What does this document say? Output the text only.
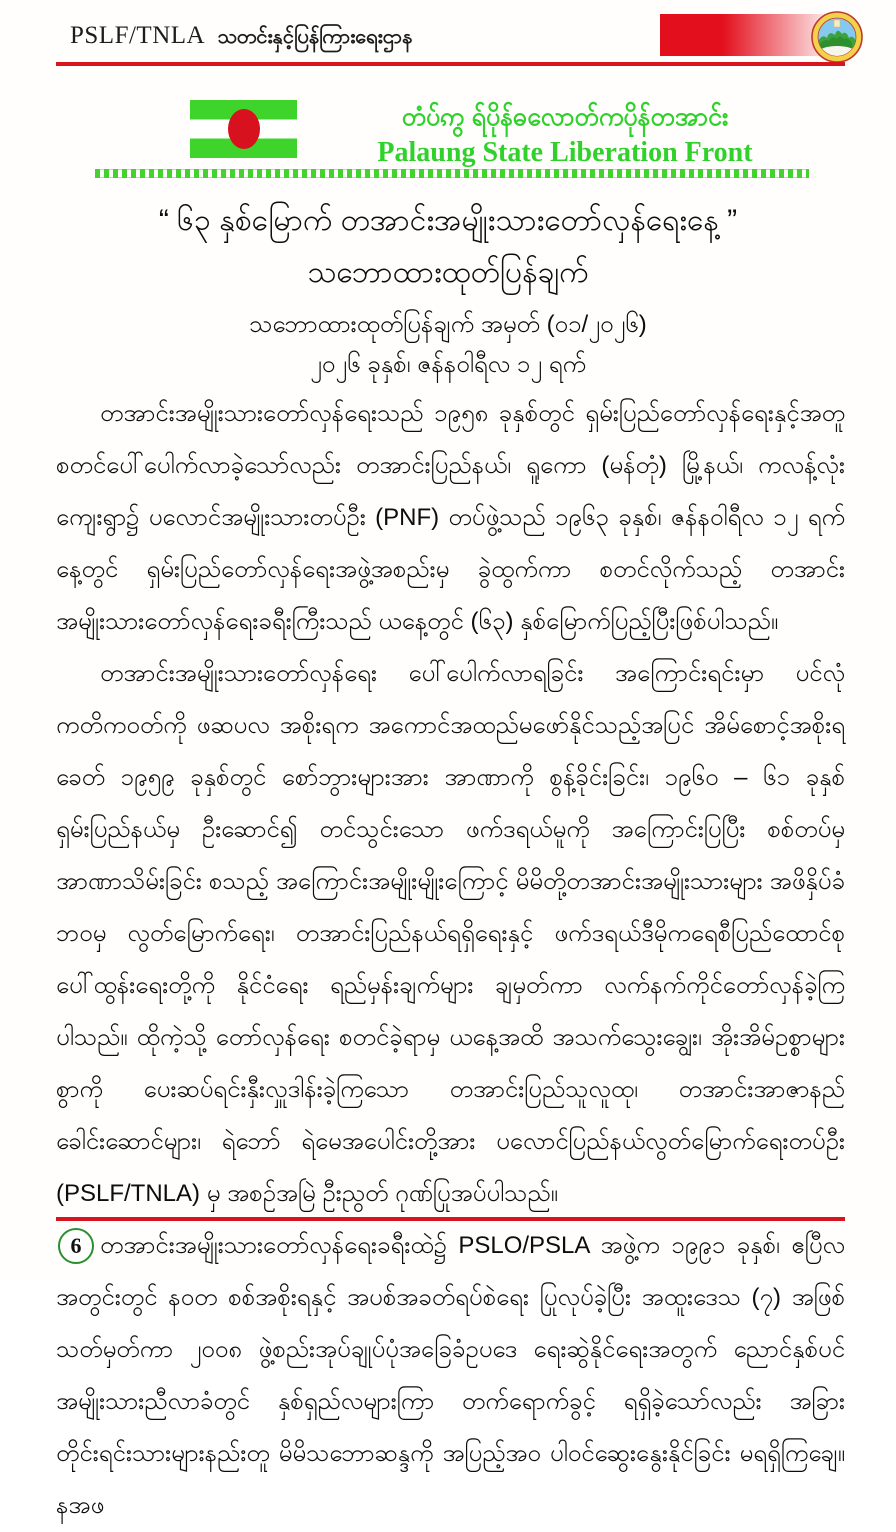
PSLF/TNLA သတင်းနှင့်ပြန်ကြားရေးဌာန
တံပ်ဢွ ရ်ပိုန်ဓလောတ်ကပိုန်တအာင်း
Palaung State Liberation Front
“ ၆၃ နှစ်မြောက် တအာင်းအမျိုးသားတော်လှန်ရေးနေ့ ”
သဘောထားထုတ်ပြန်ချက်
သဘောထားထုတ်ပြန်ချက် အမှတ် (၀၁/၂၀၂၆)
၂၀၂၆ ခုနှစ်၊ ဇန်နဝါရီလ ၁၂ ရက်

တအာင်းအမျိုးသားတော်လှန်ရေးသည် ၁၉၅၈ ခုနှစ်တွင် ရှမ်းပြည်တော်လှန်ရေးနှင့်အတူ စတင်ပေါ်ပေါက်လာခဲ့သော်လည်း တအာင်းပြည်နယ်၊ ရူကော (မန်တုံ) မြို့နယ်၊ ကလန့်လုံး ကျေးရွာ၌ ပလောင်အမျိုးသားတပ်ဦး (PNF) တပ်ဖွဲ့သည် ၁၉၆၃ ခုနှစ်၊ ဇန်နဝါရီလ ၁၂ ရက်နေ့တွင် ရှမ်းပြည်တော်လှန်ရေးအဖွဲ့အစည်းမှ ခွဲထွက်ကာ စတင်လိုက်သည့် တအာင်းအမျိုးသားတော်လှန်ရေးခရီးကြီးသည် ယနေ့တွင် (၆၃) နှစ်မြောက်ပြည့်ပြီးဖြစ်ပါသည်။

တအာင်းအမျိုးသားတော်လှန်ရေး ပေါ်ပေါက်လာရခြင်း အကြောင်းရင်းမှာ ပင်လုံကတိကဝတ်ကို ဖဆပလ အစိုးရက အကောင်အထည်မဖော်နိုင်သည့်အပြင် အိမ်စောင့်အစိုးရခေတ် ၁၉၅၉ ခုနှစ်တွင် စော်ဘွားများအား အာဏာကို စွန့်ခိုင်းခြင်း၊ ၁၉၆၀ – ၆၁ ခုနှစ် ရှမ်းပြည်နယ်မှ ဦးဆောင်၍ တင်သွင်းသော ဖက်ဒရယ်မူကို အကြောင်းပြပြီး စစ်တပ်မှ အာဏာသိမ်းခြင်း စသည့် အကြောင်းအမျိုးမျိုးကြောင့် မိမိတို့တအာင်းအမျိုးသားများ အဖိနှိပ်ခံဘဝမှ လွတ်မြောက်ရေး၊ တအာင်းပြည်နယ်ရရှိရေးနှင့် ဖက်ဒရယ်ဒီမိုကရေစီပြည်ထောင်စု ပေါ်ထွန်းရေးတို့ကို နိုင်ငံရေး ရည်မှန်းချက်များ ချမှတ်ကာ လက်နက်ကိုင်တော်လှန်ခဲ့ကြပါသည်။ ထိုကဲ့သို့ တော်လှန်ရေး စတင်ခဲ့ရာမှ ယနေ့အထိ အသက်သွေးချွေး၊ အိုးအိမ်ဥစ္စာများစွာကို ပေးဆပ်ရင်းနှီးလှူဒါန်းခဲ့ကြသော တအာင်းပြည်သူလူထု၊ တအာင်းအာဇာနည်ခေါင်းဆောင်များ၊ ရဲဘော် ရဲမေအပေါင်းတို့အား ပလောင်ပြည်နယ်လွတ်မြောက်ရေးတပ်ဦး (PSLF/TNLA) မှ အစဉ်အမြဲ ဦးညွတ် ဂုဏ်ပြုအပ်ပါသည်။

တအာင်းအမျိုးသားတော်လှန်ရေးခရီးထဲ၌ PSLO/PSLA အဖွဲ့က ၁၉၉၁ ခုနှစ်၊ ဧပြီလအတွင်းတွင် နဝတ စစ်အစိုးရနှင့် အပစ်အခတ်ရပ်စဲရေး ပြုလုပ်ခဲ့ပြီး အထူးဒေသ (၇) အဖြစ် သတ်မှတ်ကာ ၂၀၀၈ ဖွဲ့စည်းအုပ်ချုပ်ပုံအခြေခံဥပဒေ ရေးဆွဲနိုင်ရေးအတွက် ညောင်နှစ်ပင် အမျိုးသားညီလာခံတွင် နှစ်ရှည်လများကြာ တက်ရောက်ခွင့် ရရှိခဲ့သော်လည်း အခြားတိုင်းရင်းသားများနည်းတူ မိမိသဘောဆန္ဒကို အပြည့်အဝ ပါဝင်ဆွေးနွေးနိုင်ခြင်း မရရှိကြချေ။ နအဖ

6
